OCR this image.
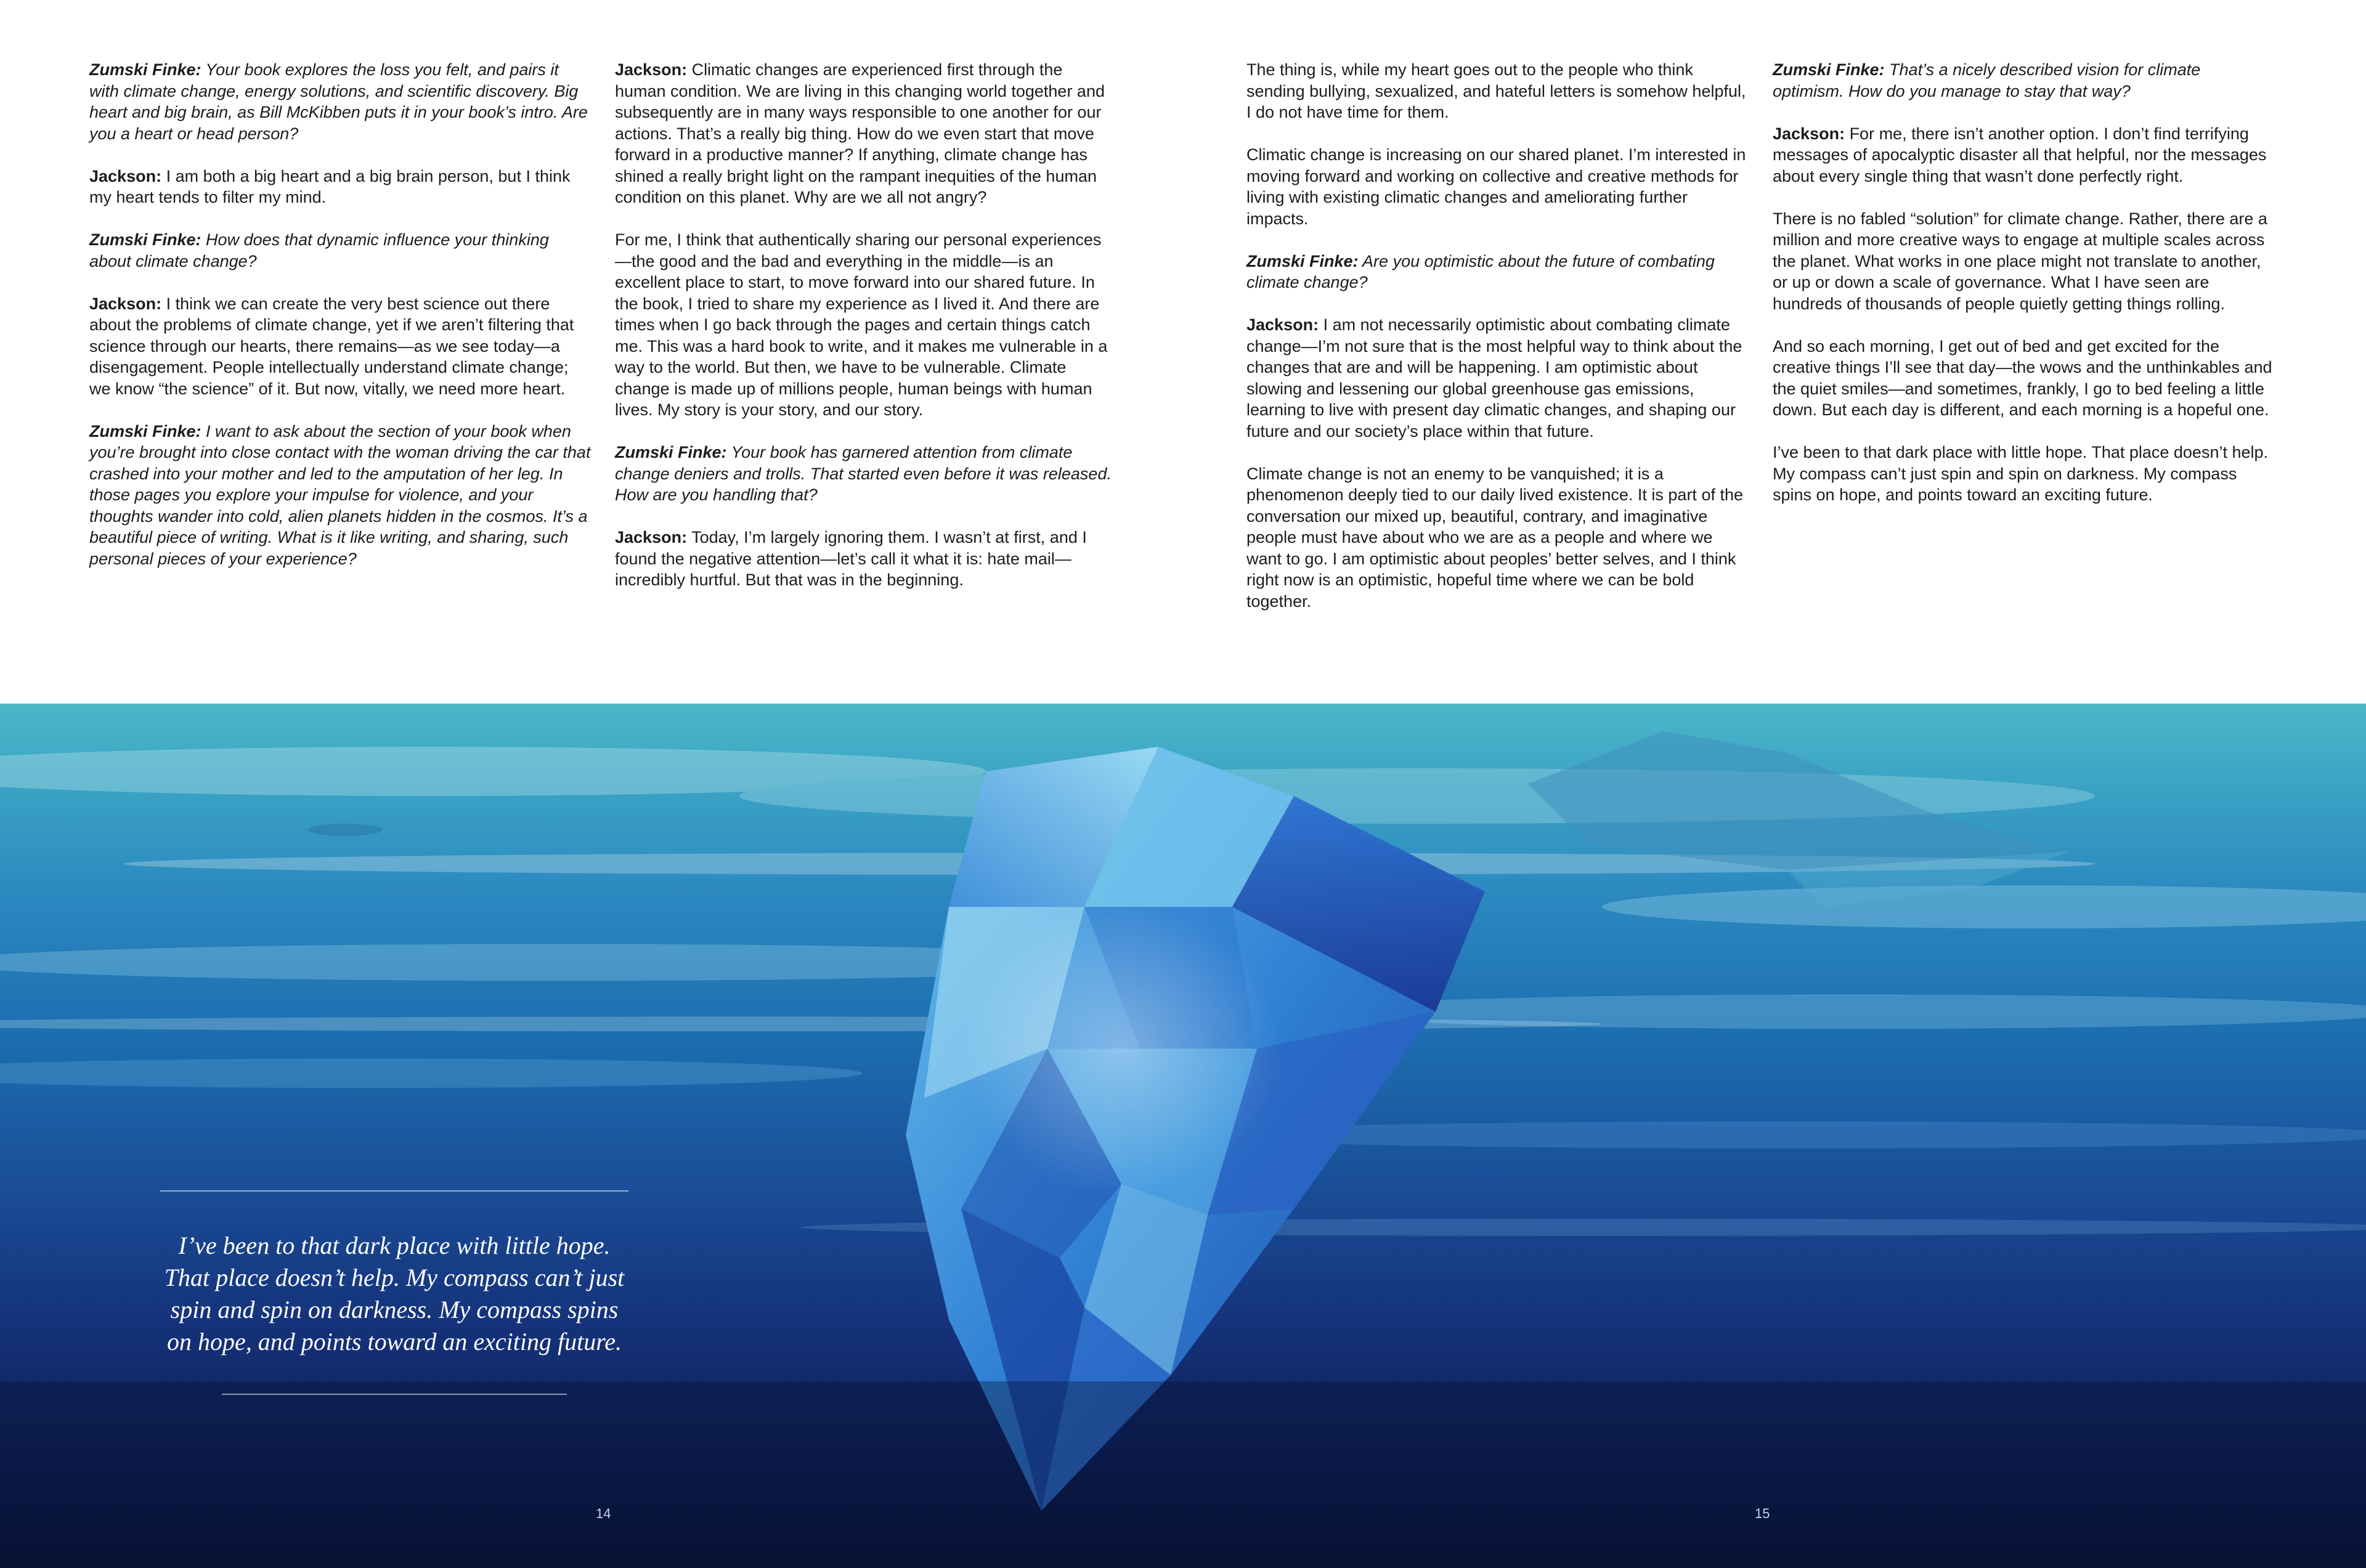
Zumski Finke: Your book explores the loss you felt, and pairs it with climate change, energy solutions, and scientific discovery. Big heart and big brain, as Bill McKibben puts it in your book’s intro. Are you a heart or head person?

Jackson: I am both a big heart and a big brain person, but I think my heart tends to filter my mind.

Zumski Finke: How does that dynamic influence your thinking about climate change?

Jackson: I think we can create the very best science out there about the problems of climate change, yet if we aren’t filtering that science through our hearts, there remains—as we see today—a disengagement. People intellectually understand climate change; we know “the science” of it. But now, vitally, we need more heart.

Zumski Finke: I want to ask about the section of your book when you’re brought into close contact with the woman driving the car that crashed into your mother and led to the amputation of her leg. In those pages you explore your impulse for violence, and your thoughts wander into cold, alien planets hidden in the cosmos. It’s a beautiful piece of writing. What is it like writing, and sharing, such personal pieces of your experience?

Jackson: Climatic changes are experienced first through the human condition. We are living in this changing world together and subsequently are in many ways responsible to one another for our actions. That’s a really big thing. How do we even start that move forward in a productive manner? If anything, climate change has shined a really bright light on the rampant inequities of the human condition on this planet. Why are we all not angry?

For me, I think that authentically sharing our personal experiences—the good and the bad and everything in the middle—is an excellent place to start, to move forward into our shared future. In the book, I tried to share my experience as I lived it. And there are times when I go back through the pages and certain things catch me. This was a hard book to write, and it makes me vulnerable in a way to the world. But then, we have to be vulnerable. Climate change is made up of millions people, human beings with human lives. My story is your story, and our story.

Zumski Finke: Your book has garnered attention from climate change deniers and trolls. That started even before it was released. How are you handling that?

Jackson: Today, I’m largely ignoring them. I wasn’t at first, and I found the negative attention—let’s call it what it is: hate mail—incredibly hurtful. But that was in the beginning.

The thing is, while my heart goes out to the people who think sending bullying, sexualized, and hateful letters is somehow helpful, I do not have time for them.

Climatic change is increasing on our shared planet. I’m interested in moving forward and working on collective and creative methods for living with existing climatic changes and ameliorating further impacts.

Zumski Finke: Are you optimistic about the future of combating climate change?

Jackson: I am not necessarily optimistic about combating climate change—I’m not sure that is the most helpful way to think about the changes that are and will be happening. I am optimistic about slowing and lessening our global greenhouse gas emissions, learning to live with present day climatic changes, and shaping our future and our society’s place within that future.

Climate change is not an enemy to be vanquished; it is a phenomenon deeply tied to our daily lived existence. It is part of the conversation our mixed up, beautiful, contrary, and imaginative people must have about who we are as a people and where we want to go. I am optimistic about peoples’ better selves, and I think right now is an optimistic, hopeful time where we can be bold together.

Zumski Finke: That’s a nicely described vision for climate optimism. How do you manage to stay that way?

Jackson: For me, there isn’t another option. I don’t find terrifying messages of apocalyptic disaster all that helpful, nor the messages about every single thing that wasn’t done perfectly right.

There is no fabled “solution” for climate change. Rather, there are a million and more creative ways to engage at multiple scales across the planet. What works in one place might not translate to another, or up or down a scale of governance. What I have seen are hundreds of thousands of people quietly getting things rolling.

And so each morning, I get out of bed and get excited for the creative things I’ll see that day—the wows and the unthinkables and the quiet smiles—and sometimes, frankly, I go to bed feeling a little down. But each day is different, and each morning is a hopeful one.

I’ve been to that dark place with little hope. That place doesn’t help. My compass can’t just spin and spin on darkness. My compass spins on hope, and points toward an exciting future.

I’ve been to that dark place with little hope. That place doesn’t help. My compass can’t just spin and spin on darkness. My compass spins on hope, and points toward an exciting future.

14	15
